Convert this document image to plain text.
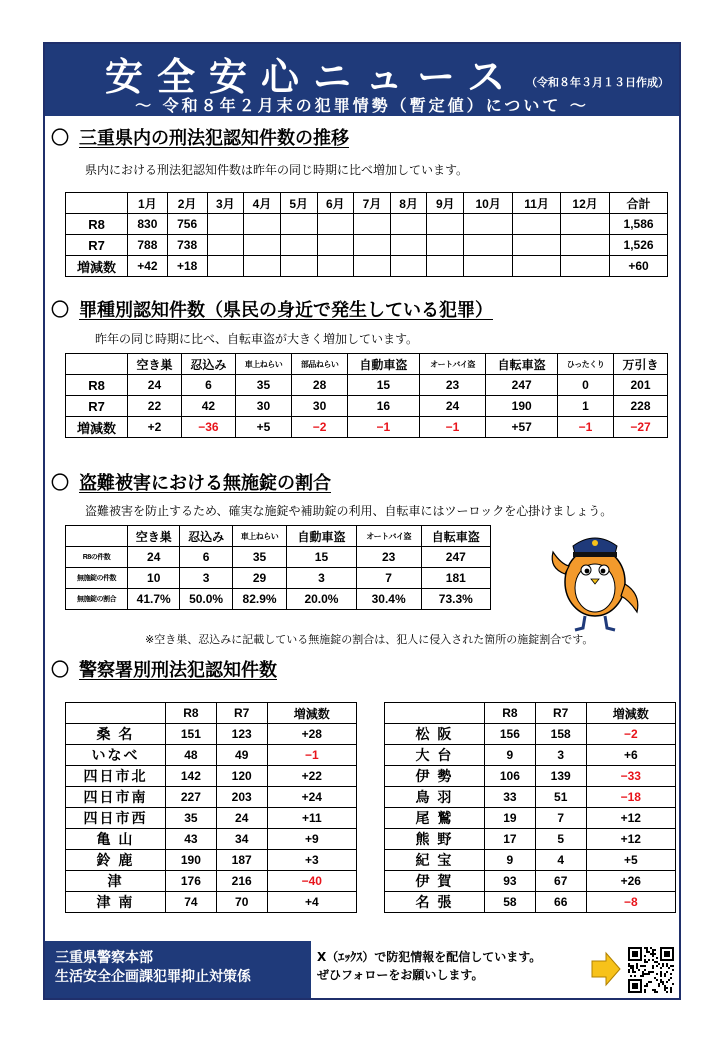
安全安心ニュース （令和８年３月１３日作成）
～ 令和８年２月末の犯罪情勢（暫定値）について ～
〇 三重県内の刑法犯認知件数の推移
県内における刑法犯認知件数は昨年の同じ時期に比べ増加しています。
	1月	2月	3月	4月	5月	6月	7月	8月	9月	10月	11月	12月	合計
R8	830	756											1,586
R7	788	738											1,526
増減数	+42	+18											+60
〇 罪種別認知件数（県民の身近で発生している犯罪）
昨年の同じ時期に比べ、自転車盗が大きく増加しています。
	空き巣	忍込み	車上ねらい	部品ねらい	自動車盗	オートバイ盗	自転車盗	ひったくり	万引き
R8	24	6	35	28	15	23	247	0	201
R7	22	42	30	30	16	24	190	1	228
増減数	+2	−36	+5	−2	−1	−1	+57	−1	−27
〇 盗難被害における無施錠の割合
盗難被害を防止するため、確実な施錠や補助錠の利用、自転車にはツーロックを心掛けましょう。
	空き巣	忍込み	車上ねらい	自動車盗	オートバイ盗	自転車盗
R8の件数	24	6	35	15	23	247
無施錠の件数	10	3	29	3	7	181
無施錠の割合	41.7%	50.0%	82.9%	20.0%	30.4%	73.3%
※空き巣、忍込みに記載している無施錠の割合は、犯人に侵入された箇所の施錠割合です。
〇 警察署別刑法犯認知件数
	R8	R7	増減数
桑 名	151	123	+28
いなべ	48	49	−1
四日市北	142	120	+22
四日市南	227	203	+24
四日市西	35	24	+11
亀 山	43	34	+9
鈴 鹿	190	187	+3
津	176	216	−40
津 南	74	70	+4
	R8	R7	増減数
松 阪	156	158	−2
大 台	9	3	+6
伊 勢	106	139	−33
鳥 羽	33	51	−18
尾 鷲	19	7	+12
熊 野	17	5	+12
紀 宝	9	4	+5
伊 賀	93	67	+26
名 張	58	66	−8
三重県警察本部
生活安全企画課犯罪抑止対策係
X（ｴｯｸｽ）で防犯情報を配信しています。
ぜひフォローをお願いします。
